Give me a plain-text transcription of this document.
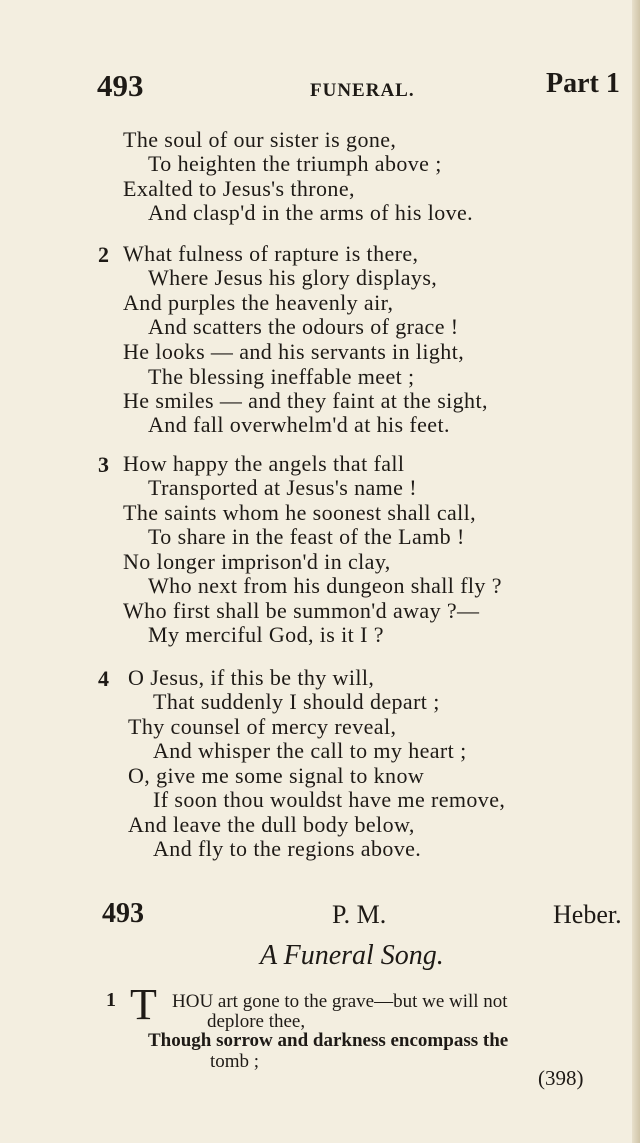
493	FUNERAL.	Part 1
The soul of our sister is gone,
To heighten the triumph above ;
Exalted to Jesus's throne,
And clasp'd in the arms of his love.
2 What fulness of rapture is there,
Where Jesus his glory displays,
And purples the heavenly air,
And scatters the odours of grace !
He looks — and his servants in light,
The blessing ineffable meet ;
He smiles — and they faint at the sight,
And fall overwhelm'd at his feet.
3 How happy the angels that fall
Transported at Jesus's name !
The saints whom he soonest shall call,
To share in the feast of the Lamb !
No longer imprison'd in clay,
Who next from his dungeon shall fly ?
Who first shall be summon'd away ?—
My merciful God, is it I ?
4 O Jesus, if this be thy will,
That suddenly I should depart ;
Thy counsel of mercy reveal,
And whisper the call to my heart ;
O, give me some signal to know
If soon thou wouldst have me remove,
And leave the dull body below,
And fly to the regions above.
493	P. M.	Heber.
A Funeral Song.
1 T HOU art gone to the grave—but we will not
deplore thee,
Though sorrow and darkness encompass the
tomb ;
(398)
